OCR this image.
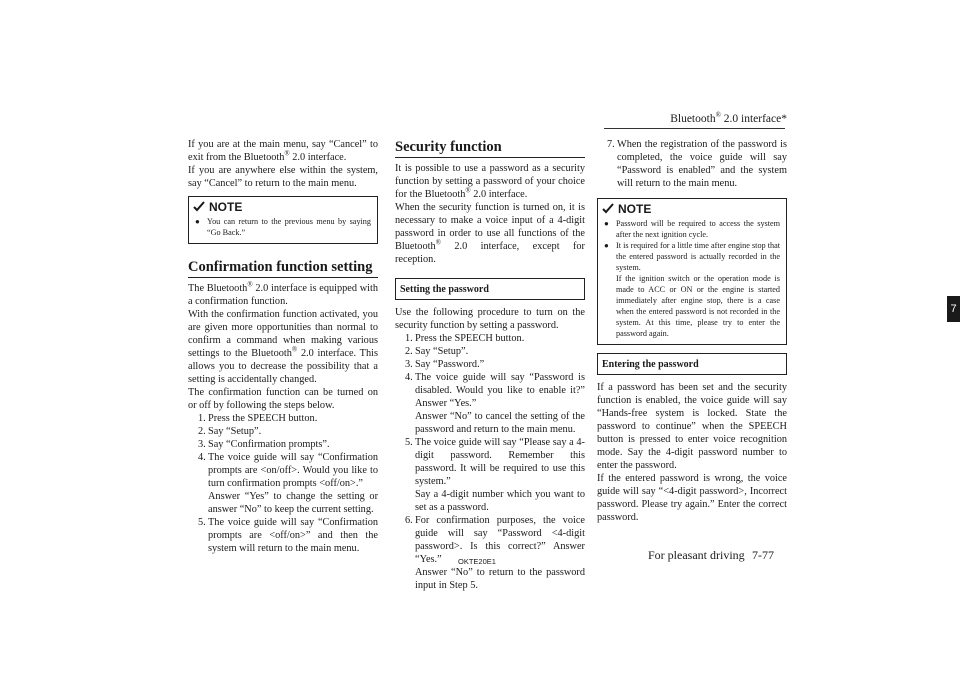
Bluetooth® 2.0 interface*
7

If you are at the main menu, say “Cancel” to exit from the Bluetooth® 2.0 interface.

If you are anywhere else within the system, say “Cancel” to return to the main menu.

NOTE
● You can return to the previous menu by saying “Go Back.”
Confirmation function setting

The Bluetooth® 2.0 interface is equipped with a confirmation function.

With the confirmation function activated, you are given more opportunities than normal to confirm a command when making various settings to the Bluetooth® 2.0 interface. This allows you to decrease the possibility that a setting is accidentally changed.

The confirmation function can be turned on or off by following the steps below.

1. Press the SPEECH button.
2. Say “Setup”.
3. Say “Confirmation prompts”.
4. The voice guide will say “Confirmation prompts are <on/off>. Would you like to turn confirmation prompts <off/on>.”
Answer “Yes” to change the setting or answer “No” to keep the current setting.
5. The voice guide will say “Confirmation prompts are <off/on>” and then the system will return to the main menu.
Security function

It is possible to use a password as a security function by setting a password of your choice for the Bluetooth® 2.0 interface.

When the security function is turned on, it is necessary to make a voice input of a 4-digit password in order to use all functions of the Bluetooth® 2.0 interface, except for reception.

Setting the password

Use the following procedure to turn on the security function by setting a password.

1. Press the SPEECH button.
2. Say “Setup”.
3. Say “Password.”
4. The voice guide will say “Password is disabled. Would you like to enable it?” Answer “Yes.”
Answer “No” to cancel the setting of the password and return to the main menu.
5. The voice guide will say “Please say a 4-digit password. Remember this password. It will be required to use this system.”
Say a 4-digit number which you want to set as a password.
6. For confirmation purposes, the voice guide will say “Password <4-digit password>. Is this correct?” Answer “Yes.”
Answer “No” to return to the password input in Step 5.
7. When the registration of the password is completed, the voice guide will say “Password is enabled” and the system will return to the main menu.
NOTE
● Password will be required to access the system after the next ignition cycle.
● It is required for a little time after engine stop that the entered password is actually recorded in the system.
If the ignition switch or the operation mode is made to ACC or ON or the engine is started immediately after engine stop, there is a case when the entered password is not recorded in the system. At this time, please try to enter the password again.
Entering the password

If a password has been set and the security function is enabled, the voice guide will say “Hands-free system is locked. State the password to continue” when the SPEECH button is pressed to enter voice recognition mode. Say the 4-digit password number to enter the password.

If the entered password is wrong, the voice guide will say “<4-digit password>, Incorrect password. Please try again.” Enter the correct password.

OKTE20E1	For pleasant driving 7-77
